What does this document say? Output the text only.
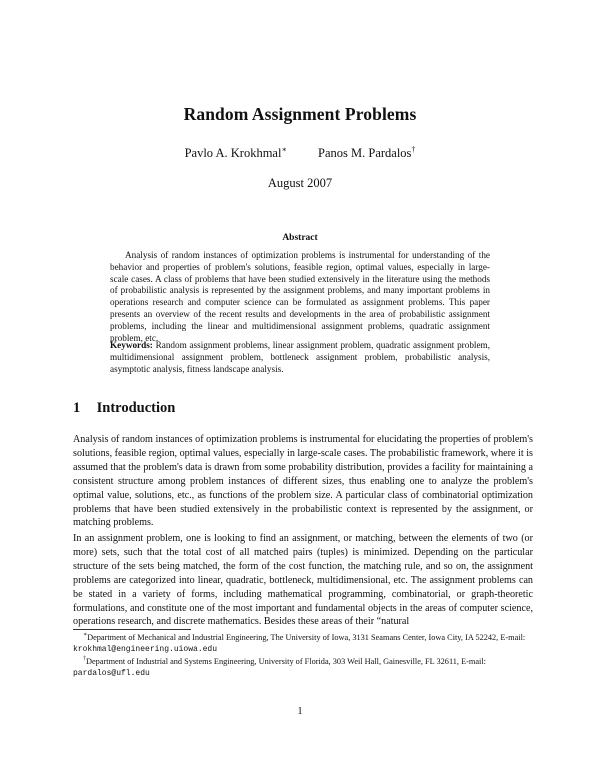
Random Assignment Problems
Pavlo A. Krokhmal∗ Panos M. Pardalos†
August 2007
Abstract
Analysis of random instances of optimization problems is instrumental for understanding of the behavior and properties of problem's solutions, feasible region, optimal values, especially in large-scale cases. A class of problems that have been studied extensively in the literature using the methods of probabilistic analysis is represented by the assignment problems, and many important problems in operations research and computer science can be formulated as assignment problems. This paper presents an overview of the recent results and developments in the area of probabilistic assignment problems, including the linear and multidimensional assignment problems, quadratic assignment problem, etc.
Keywords: Random assignment problems, linear assignment problem, quadratic assignment problem, multidimensional assignment problem, bottleneck assignment problem, probabilistic analysis, asymptotic analysis, fitness landscape analysis.
1 Introduction
Analysis of random instances of optimization problems is instrumental for elucidating the properties of problem's solutions, feasible region, optimal values, especially in large-scale cases. The probabilistic framework, where it is assumed that the problem's data is drawn from some probability distribution, provides a facility for maintaining a consistent structure among problem instances of different sizes, thus enabling one to analyze the problem's optimal value, solutions, etc., as functions of the problem size. A particular class of combinatorial optimization problems that have been studied extensively in the probabilistic context is represented by the assignment, or matching problems.
In an assignment problem, one is looking to find an assignment, or matching, between the elements of two (or more) sets, such that the total cost of all matched pairs (tuples) is minimized. Depending on the particular structure of the sets being matched, the form of the cost function, the matching rule, and so on, the assignment problems are categorized into linear, quadratic, bottleneck, multidimensional, etc. The assignment problems can be stated in a variety of forms, including mathematical programming, combinatorial, or graph-theoretic formulations, and constitute one of the most important and fundamental objects in the areas of computer science, operations research, and discrete mathematics. Besides these areas of their “natural
∗Department of Mechanical and Industrial Engineering, The University of Iowa, 3131 Seamans Center, Iowa City, IA 52242, E-mail: krokhmal@engineering.uiowa.edu
†Department of Industrial and Systems Engineering, University of Florida, 303 Weil Hall, Gainesville, FL 32611, E-mail: pardalos@ufl.edu
1
